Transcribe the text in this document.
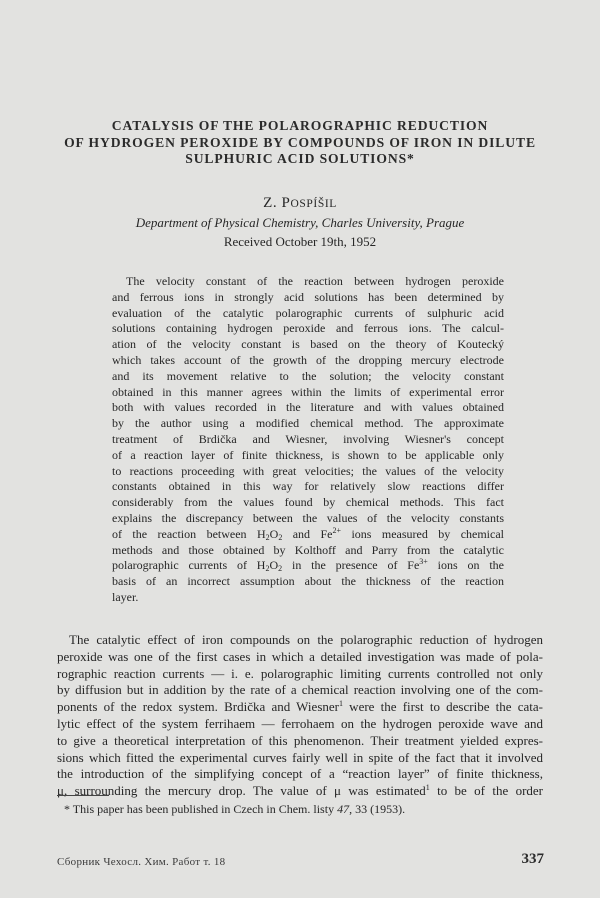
CATALYSIS OF THE POLAROGRAPHIC REDUCTION
OF HYDROGEN PEROXIDE BY COMPOUNDS OF IRON IN DILUTE
SULPHURIC ACID SOLUTIONS*
Z. POSPÍŠIL
Department of Physical Chemistry, Charles University, Prague
Received October 19th, 1952
The velocity constant of the reaction between hydrogen peroxide
and ferrous ions in strongly acid solutions has been determined by
evaluation of the catalytic polarographic currents of sulphuric acid
solutions containing hydrogen peroxide and ferrous ions. The calcul-
ation of the velocity constant is based on the theory of Koutecký
which takes account of the growth of the dropping mercury electrode
and its movement relative to the solution; the velocity constant
obtained in this manner agrees within the limits of experimental error
both with values recorded in the literature and with values obtained
by the author using a modified chemical method. The approximate
treatment of Brdička and Wiesner, involving Wiesner's concept
of a reaction layer of finite thickness, is shown to be applicable only
to reactions proceeding with great velocities; the values of the velocity
constants obtained in this way for relatively slow reactions differ
considerably from the values found by chemical methods. This fact
explains the discrepancy between the values of the velocity constants
of the reaction between $H_2O_2$ and $Fe^{2+}$ ions measured by chemical
methods and those obtained by Kolthoff and Parry from the catalytic
polarographic currents of $H_2O_2$ in the presence of $Fe^{3+}$ ions on the
basis of an incorrect assumption about the thickness of the reaction
layer.
The catalytic effect of iron compounds on the polarographic reduction of hydrogen
peroxide was one of the first cases in which a detailed investigation was made of pola-
rographic reaction currents — i. e. polarographic limiting currents controlled not only
by diffusion but in addition by the rate of a chemical reaction involving one of the com-
ponents of the redox system. Brdička and Wiesner$^1$ were the first to describe the cata-
lytic effect of the system ferrihaem — ferrohaem on the hydrogen peroxide wave and
to give a theoretical interpretation of this phenomenon. Their treatment yielded expres-
sions which fitted the experimental curves fairly well in spite of the fact that it involved
the introduction of the simplifying concept of a “reaction layer” of finite thickness,
μ, surrounding the mercury drop. The value of μ was estimated$^1$ to be of the order
* This paper has been published in Czech in Chem. listy 47, 33 (1953).
Сборник Чехосл. Хим. Работ т. 18	337
